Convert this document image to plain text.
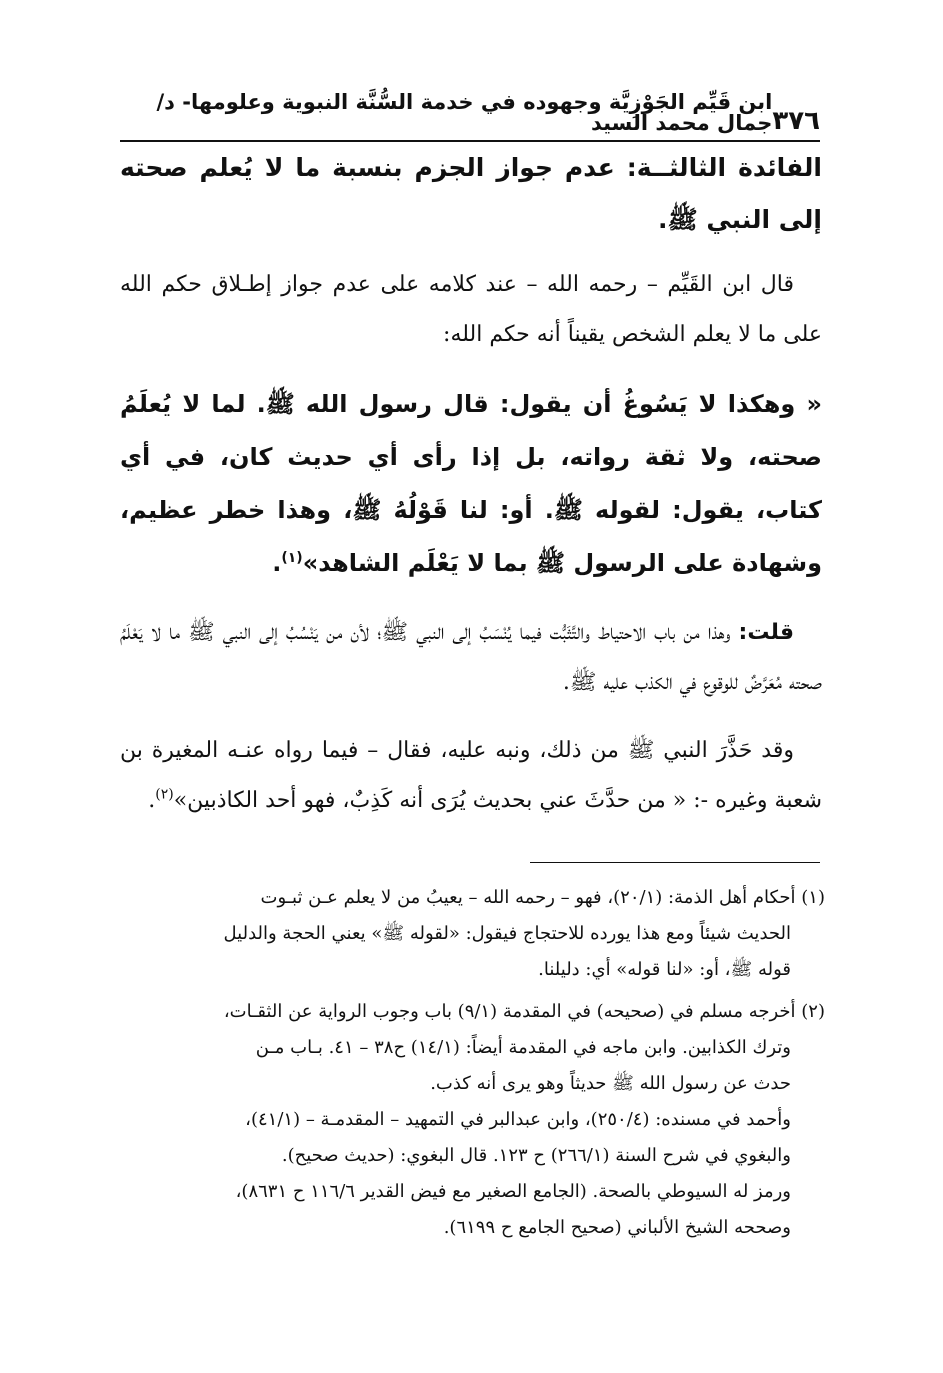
٣٧٦
ابن قَيِّم الجَوْزِيَّة وجهوده في خدمة السُّنَّة النبوية وعلومها- د/جمال محمد السيد

الفائدة الثالثــة: عدم جواز الجزم بنسبة ما لا يُعلم صحته إلى النبي ﷺ.

قال ابن القَيِّم – رحمه الله – عند كلامه على عدم جواز إطـلاق حكم الله على ما لا يعلم الشخص يقيناً أنه حكم الله:

« وهكذا لا يَسُوغُ أن يقول: قال رسول الله ﷺ. لما لا يُعلَمُ صحته، ولا ثقة رواته، بل إذا رأى أي حديث كان، في أي كتاب، يقول: لقوله ﷺ. أو: لنا قَوْلُهُ ﷺ، وهذا خطر عظيم، وشهادة على الرسول ﷺ بما لا يَعْلَم الشاهد»$^{(١)}$.

قلت: وهذا من باب الاحتياط والتَّثَبُّت فيما يُنْسَبُ إلى النبي ﷺ؛ لأن من يَنْسُبُ إلى النبي ﷺ ما لا يَعْلَمُ صحته مُعَرَّضٌ للوقوع في الكذب عليه ﷺ.

وقد حَذَّرَ النبي ﷺ من ذلك، ونبه عليه، فقال – فيما رواه عنـه المغيرة بن شعبة وغيره -: « من حدَّثَ عني بحديث يُرَى أنه كَذِبٌ، فهو أحد الكاذبين»$^{(٢)}$.

(١) أحكام أهل الذمة: (٢٠/١)، فهو – رحمه الله – يعيبُ من لا يعلم عـن ثبـوت
الحديث شيئاً ومع هذا يورده للاحتجاج فيقول: «لقوله ﷺ» يعني الحجة والدليل
قوله ﷺ، أو: «لنا قوله» أي: دليلنا.

(٢) أخرجه مسلم في (صحيحه) في المقدمة (٩/١) باب وجوب الرواية عن الثقـات،
وترك الكذابين. وابن ماجه في المقدمة أيضاً: (١٤/١) ح٣٨ – ٤١. بـاب مـن
حدث عن رسول الله ﷺ حديثاً وهو يرى أنه كذب.
وأحمد في مسنده: (٢٥٠/٤)، وابن عبدالبر في التمهيد – المقدمـة – (٤١/١)،
والبغوي في شرح السنة (٢٦٦/١) ح ١٢٣. قال البغوي: (حديث صحيح).
ورمز له السيوطي بالصحة. (الجامع الصغير مع فيض القدير ١١٦/٦ ح ٨٦٣١)،
وصححه الشيخ الألباني (صحيح الجامع ح ٦١٩٩).
